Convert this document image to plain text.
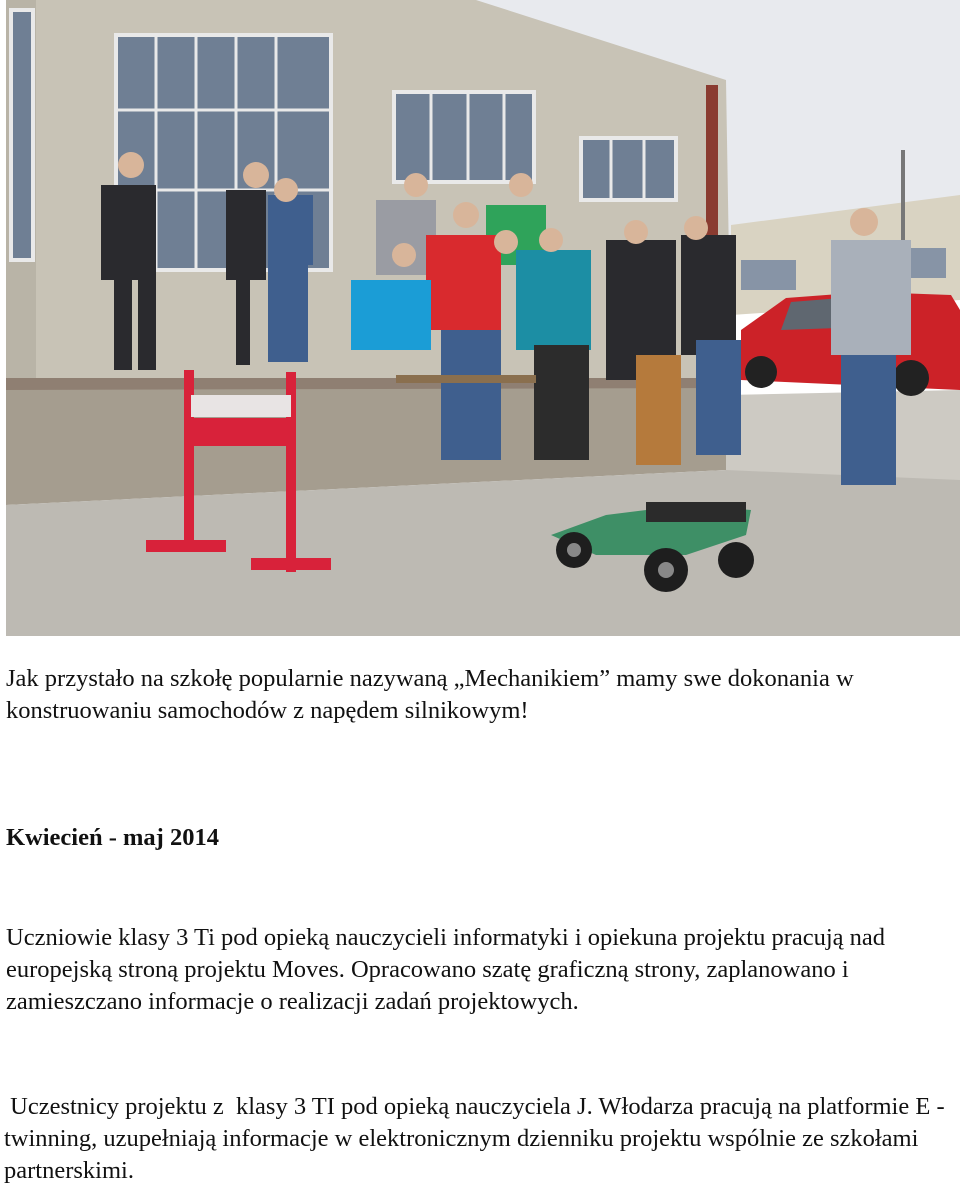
Jak przystało na szkołę popularnie nazywaną „Mechanikiem” mamy swe dokonania w konstruowaniu samochodów z napędem silnikowym!

Kwiecień - maj 2014

Uczniowie klasy 3 Ti pod opieką nauczycieli informatyki i opiekuna projektu pracują nad europejską stroną projektu Moves. Opracowano szatę graficzną strony, zaplanowano i zamieszczano informacje o realizacji zadań projektowych.

Uczestnicy projektu z  klasy 3 TI pod opieką nauczyciela J. Włodarza pracują na platformie E - twinning, uzupełniają informacje w elektronicznym dzienniku projektu wspólnie ze szkołami partnerskimi.
